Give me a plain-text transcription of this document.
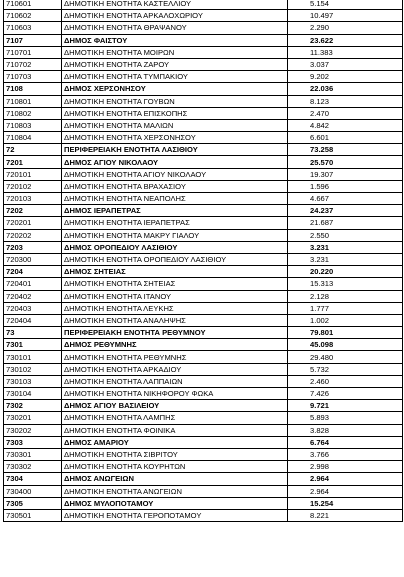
710601	ΔΗΜΟΤΙΚΗ ΕΝΟΤΗΤΑ ΚΑΣΤΕΛΛΙΟΥ	5.154
710602	ΔΗΜΟΤΙΚΗ ΕΝΟΤΗΤΑ ΑΡΚΑΛΟΧΩΡΙΟΥ	10.497
710603	ΔΗΜΟΤΙΚΗ ΕΝΟΤΗΤΑ ΘΡΑΨΑΝΟΥ	2.290
7107	ΔΗΜΟΣ ΦΑΙΣΤΟΥ	23.622
710701	ΔΗΜΟΤΙΚΗ ΕΝΟΤΗΤΑ ΜΟΙΡΩΝ	11.383
710702	ΔΗΜΟΤΙΚΗ ΕΝΟΤΗΤΑ ΖΑΡΟΥ	3.037
710703	ΔΗΜΟΤΙΚΗ ΕΝΟΤΗΤΑ ΤΥΜΠΑΚΙΟΥ	9.202
7108	ΔΗΜΟΣ ΧΕΡΣΟΝΗΣΟΥ	22.036
710801	ΔΗΜΟΤΙΚΗ ΕΝΟΤΗΤΑ ΓΟΥΒΩΝ	8.123
710802	ΔΗΜΟΤΙΚΗ ΕΝΟΤΗΤΑ ΕΠΙΣΚΟΠΗΣ	2.470
710803	ΔΗΜΟΤΙΚΗ ΕΝΟΤΗΤΑ ΜΑΛΙΩΝ	4.842
710804	ΔΗΜΟΤΙΚΗ ΕΝΟΤΗΤΑ ΧΕΡΣΟΝΗΣΟΥ	6.601
72	ΠΕΡΙΦΕΡΕΙΑΚΗ ΕΝΟΤΗΤΑ ΛΑΣΙΘΙΟΥ	73.258
7201	ΔΗΜΟΣ ΑΓΙΟΥ ΝΙΚΟΛΑΟΥ	25.570
720101	ΔΗΜΟΤΙΚΗ ΕΝΟΤΗΤΑ ΑΓΙΟΥ ΝΙΚΟΛΑΟΥ	19.307
720102	ΔΗΜΟΤΙΚΗ ΕΝΟΤΗΤΑ ΒΡΑΧΑΣΙΟΥ	1.596
720103	ΔΗΜΟΤΙΚΗ ΕΝΟΤΗΤΑ ΝΕΑΠΟΛΗΣ	4.667
7202	ΔΗΜΟΣ ΙΕΡΑΠΕΤΡΑΣ	24.237
720201	ΔΗΜΟΤΙΚΗ ΕΝΟΤΗΤΑ ΙΕΡΑΠΕΤΡΑΣ	21.687
720202	ΔΗΜΟΤΙΚΗ ΕΝΟΤΗΤΑ ΜΑΚΡΥ ΓΙΑΛΟΥ	2.550
7203	ΔΗΜΟΣ ΟΡΟΠΕΔΙΟΥ ΛΑΣΙΘΙΟΥ	3.231
720300	ΔΗΜΟΤΙΚΗ ΕΝΟΤΗΤΑ ΟΡΟΠΕΔΙΟΥ ΛΑΣΙΘΙΟΥ	3.231
7204	ΔΗΜΟΣ ΣΗΤΕΙΑΣ	20.220
720401	ΔΗΜΟΤΙΚΗ ΕΝΟΤΗΤΑ ΣΗΤΕΙΑΣ	15.313
720402	ΔΗΜΟΤΙΚΗ ΕΝΟΤΗΤΑ ΙΤΑΝΟΥ	2.128
720403	ΔΗΜΟΤΙΚΗ ΕΝΟΤΗΤΑ ΛΕΥΚΗΣ	1.777
720404	ΔΗΜΟΤΙΚΗ ΕΝΟΤΗΤΑ ΑΝΑΛΗΨΗΣ	1.002
73	ΠΕΡΙΦΕΡΕΙΑΚΗ ΕΝΟΤΗΤΑ ΡΕΘΥΜΝΟΥ	79.801
7301	ΔΗΜΟΣ ΡΕΘΥΜΝΗΣ	45.098
730101	ΔΗΜΟΤΙΚΗ ΕΝΟΤΗΤΑ ΡΕΘΥΜΝΗΣ	29.480
730102	ΔΗΜΟΤΙΚΗ ΕΝΟΤΗΤΑ ΑΡΚΑΔΙΟΥ	5.732
730103	ΔΗΜΟΤΙΚΗ ΕΝΟΤΗΤΑ ΛΑΠΠΑΙΩΝ	2.460
730104	ΔΗΜΟΤΙΚΗ ΕΝΟΤΗΤΑ ΝΙΚΗΦΟΡΟΥ ΦΩΚΑ	7.426
7302	ΔΗΜΟΣ ΑΓΙΟΥ ΒΑΣΙΛΕΙΟΥ	9.721
730201	ΔΗΜΟΤΙΚΗ ΕΝΟΤΗΤΑ ΛΑΜΠΗΣ	5.893
730202	ΔΗΜΟΤΙΚΗ ΕΝΟΤΗΤΑ ΦΟΙΝΙΚΑ	3.828
7303	ΔΗΜΟΣ ΑΜΑΡΙΟΥ	6.764
730301	ΔΗΜΟΤΙΚΗ ΕΝΟΤΗΤΑ ΣΙΒΡΙΤΟΥ	3.766
730302	ΔΗΜΟΤΙΚΗ ΕΝΟΤΗΤΑ ΚΟΥΡΗΤΩΝ	2.998
7304	ΔΗΜΟΣ ΑΝΩΓΕΙΩΝ	2.964
730400	ΔΗΜΟΤΙΚΗ ΕΝΟΤΗΤΑ ΑΝΩΓΕΙΩΝ	2.964
7305	ΔΗΜΟΣ ΜΥΛΟΠΟΤΑΜΟΥ	15.254
730501	ΔΗΜΟΤΙΚΗ ΕΝΟΤΗΤΑ ΓΕΡΟΠΟΤΑΜΟΥ	8.221
